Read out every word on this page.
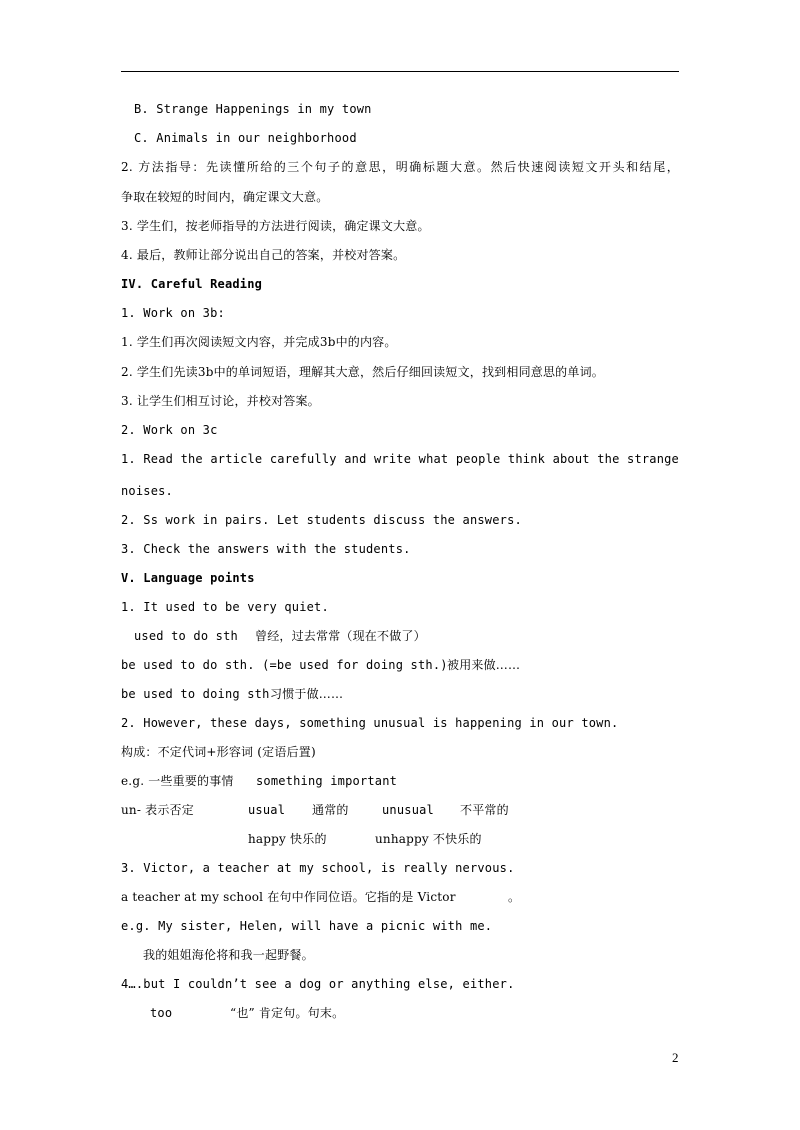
B. Strange Happenings in my town
C. Animals in our neighborhood
2. 方法指导：先读懂所给的三个句子的意思，明确标题大意。然后快速阅读短文开头和结尾，
争取在较短的时间内，确定课文大意。
3. 学生们，按老师指导的方法进行阅读，确定课文大意。
4. 最后，教师让部分说出自己的答案，并校对答案。
IV. Careful Reading
1. Work on 3b:
1. 学生们再次阅读短文内容，并完成3b中的内容。
2. 学生们先读3b中的单词短语，理解其大意，然后仔细回读短文，找到相同意思的单词。
3. 让学生们相互讨论，并校对答案。
2. Work on 3c
1. Read the article carefully and write what people think about the strange
noises.
2. Ss work in pairs. Let students discuss the answers.
3. Check the answers with the students.
V. Language points
1. It used to be very quiet.
used to do sth 曾经，过去常常（现在不做了）
be used to do sth. (=be used for doing sth.) 被用来做……
be used to doing sth 习惯于做……
2. However, these days, something unusual is happening in our town.
构成：不定代词+形容词 (定语后置)
e.g. 一些重要的事情 something important
un- 表示否定	usual 通常的	unusual 不平常的
happy 快乐的	unhappy 不快乐的
3. Victor, a teacher at my school, is really nervous.
a teacher at my school 在句中作同位语。它指的是 Victor	。
e.g. My sister, Helen, will have a picnic with me.
我的姐姐海伦将和我一起野餐。
4….but I couldn’t see a dog or anything else, either.
too	“也” 肯定句。句末。
2
